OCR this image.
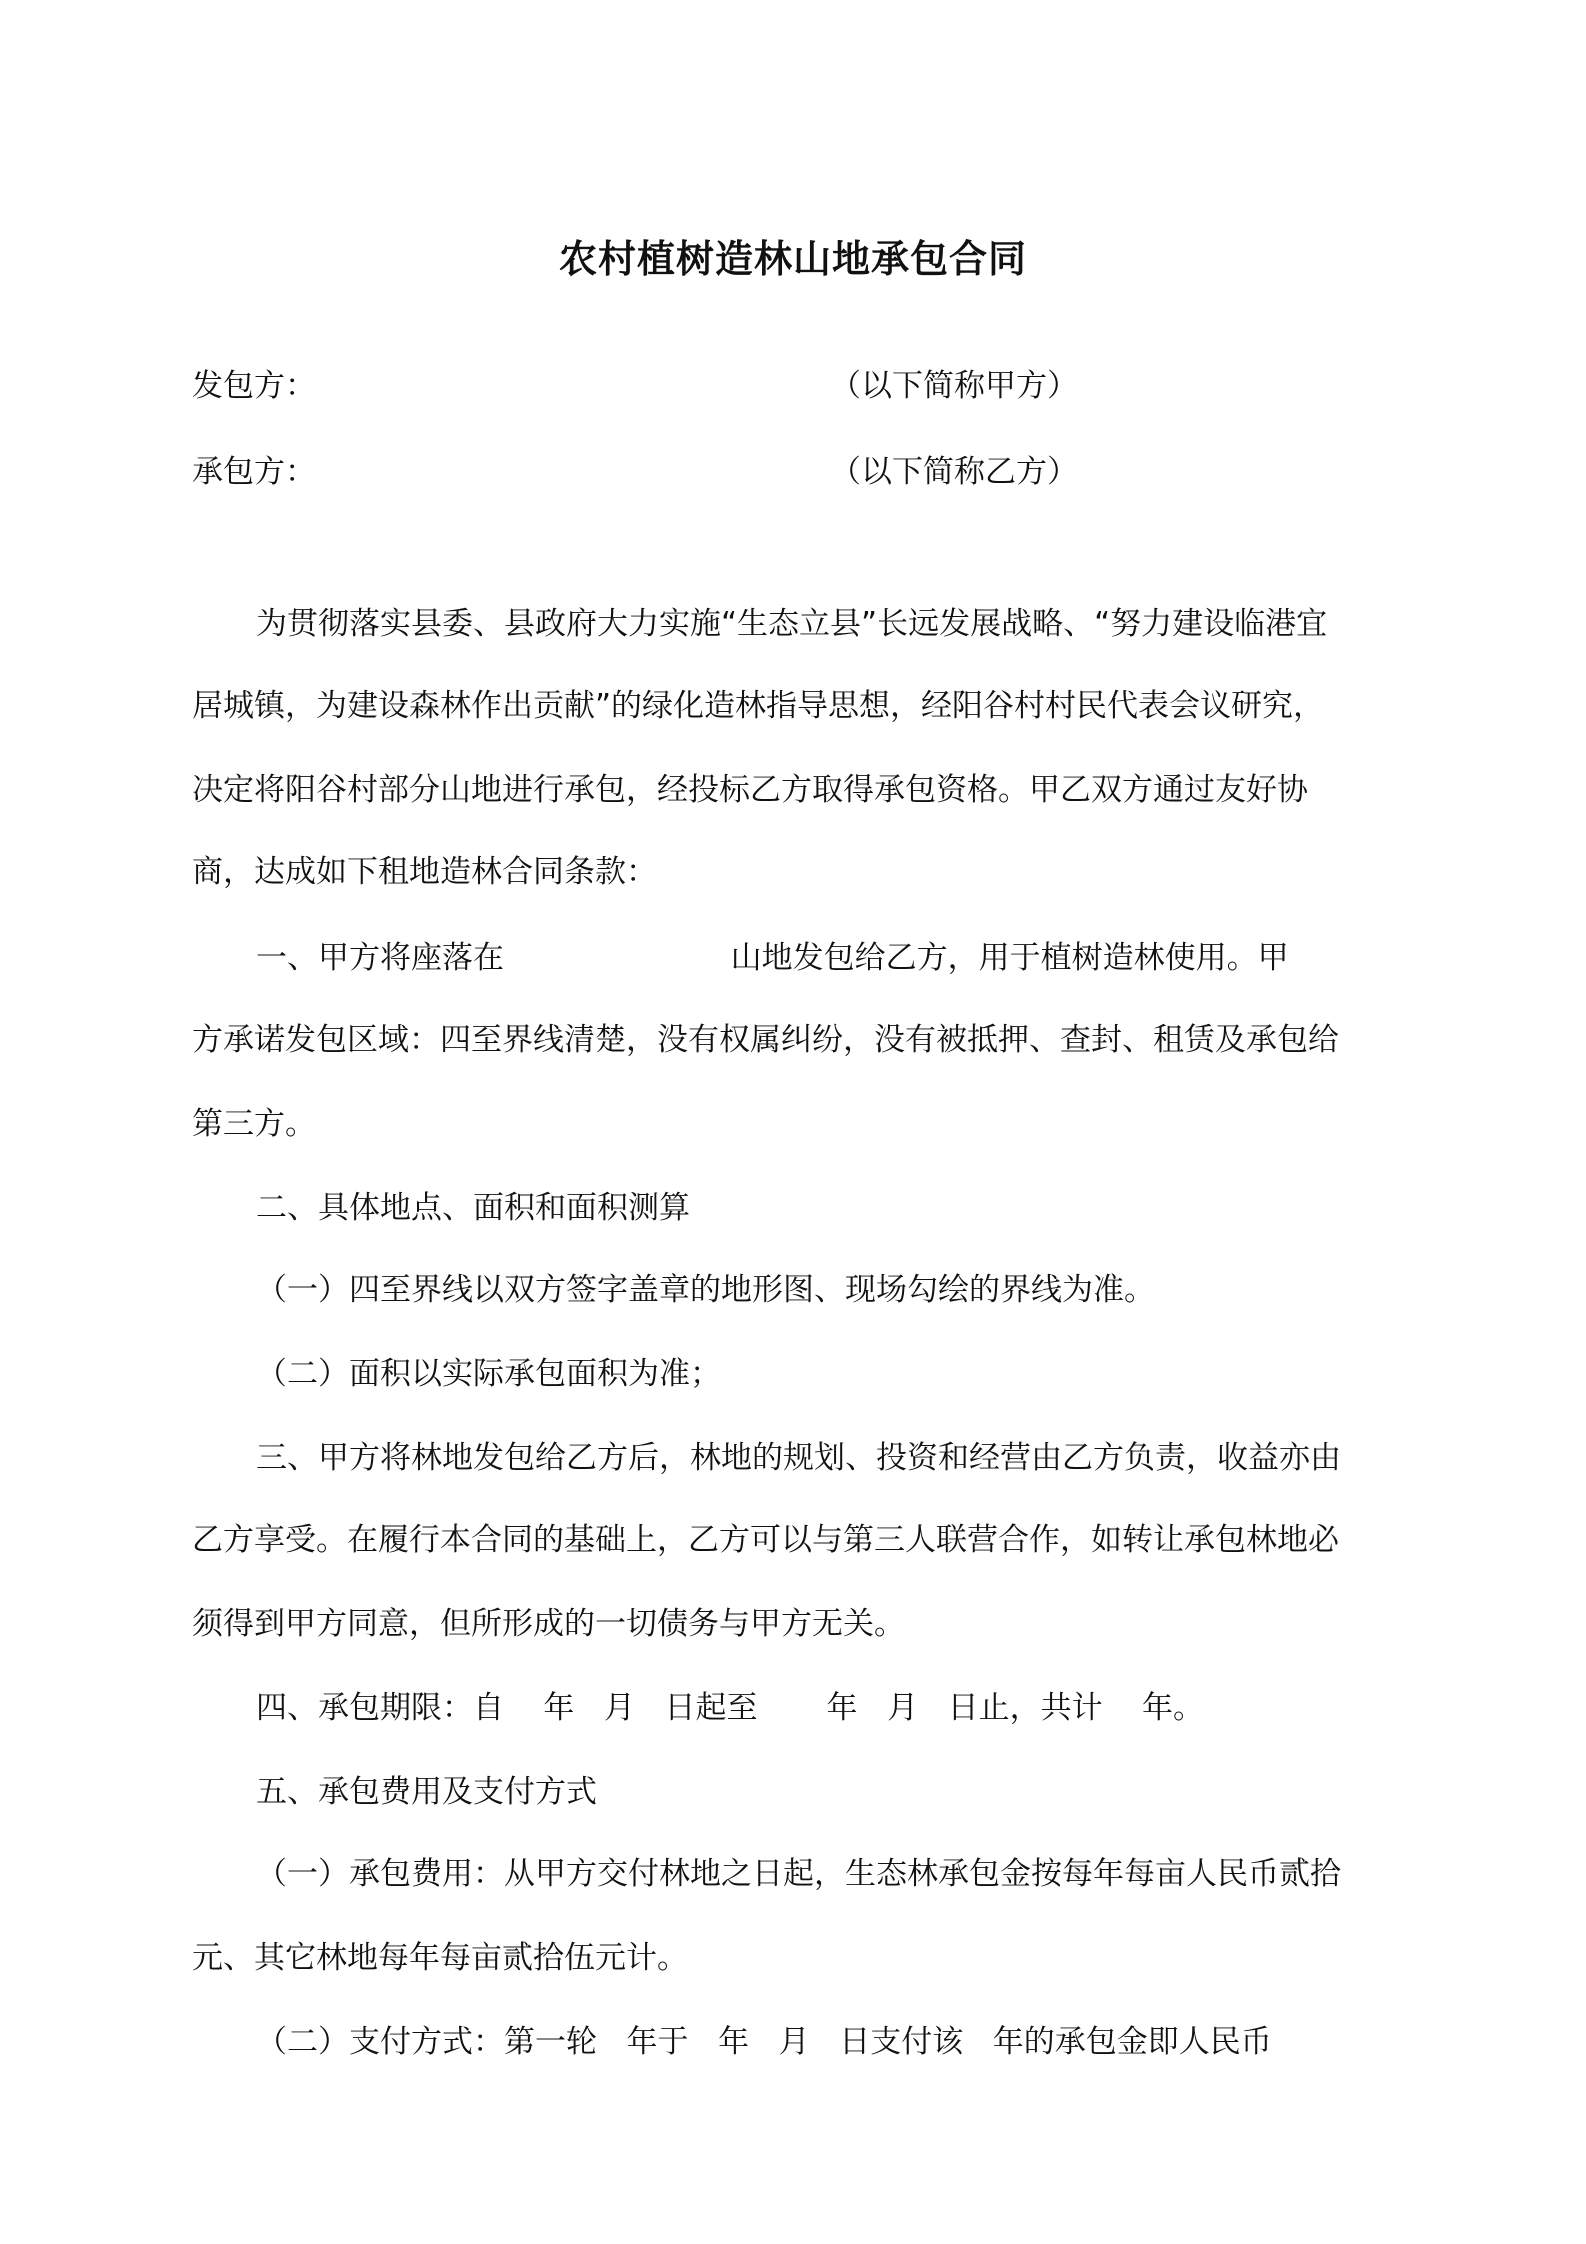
农村植树造林山地承包合同
发包方：	（以下简称甲方）
承包方：	（以下简称乙方）
为贯彻落实县委、县政府大力实施“生态立县”长远发展战略、“努力建设临港宜
居城镇，为建设森林作出贡献”的绿化造林指导思想，经阳谷村村民代表会议研究，
决定将阳谷村部分山地进行承包，经投标乙方取得承包资格。甲乙双方通过友好协
商，达成如下租地造林合同条款：
一、甲方将座落在                       山地发包给乙方，用于植树造林使用。甲
方承诺发包区域：四至界线清楚，没有权属纠纷，没有被抵押、查封、租赁及承包给
第三方。
二、具体地点、面积和面积测算
（一）四至界线以双方签字盖章的地形图、现场勾绘的界线为准。
（二）面积以实际承包面积为准；
三、甲方将林地发包给乙方后，林地的规划、投资和经营由乙方负责，收益亦由
乙方享受。在履行本合同的基础上，乙方可以与第三人联营合作，如转让承包林地必
须得到甲方同意，但所形成的一切债务与甲方无关。
四、承包期限：自    年   月   日起至       年   月   日止，共计    年。
五、承包费用及支付方式
（一）承包费用：从甲方交付林地之日起，生态林承包金按每年每亩人民币贰拾
元、其它林地每年每亩贰拾伍元计。
（二）支付方式：第一轮   年于   年   月   日支付该   年的承包金即人民币
